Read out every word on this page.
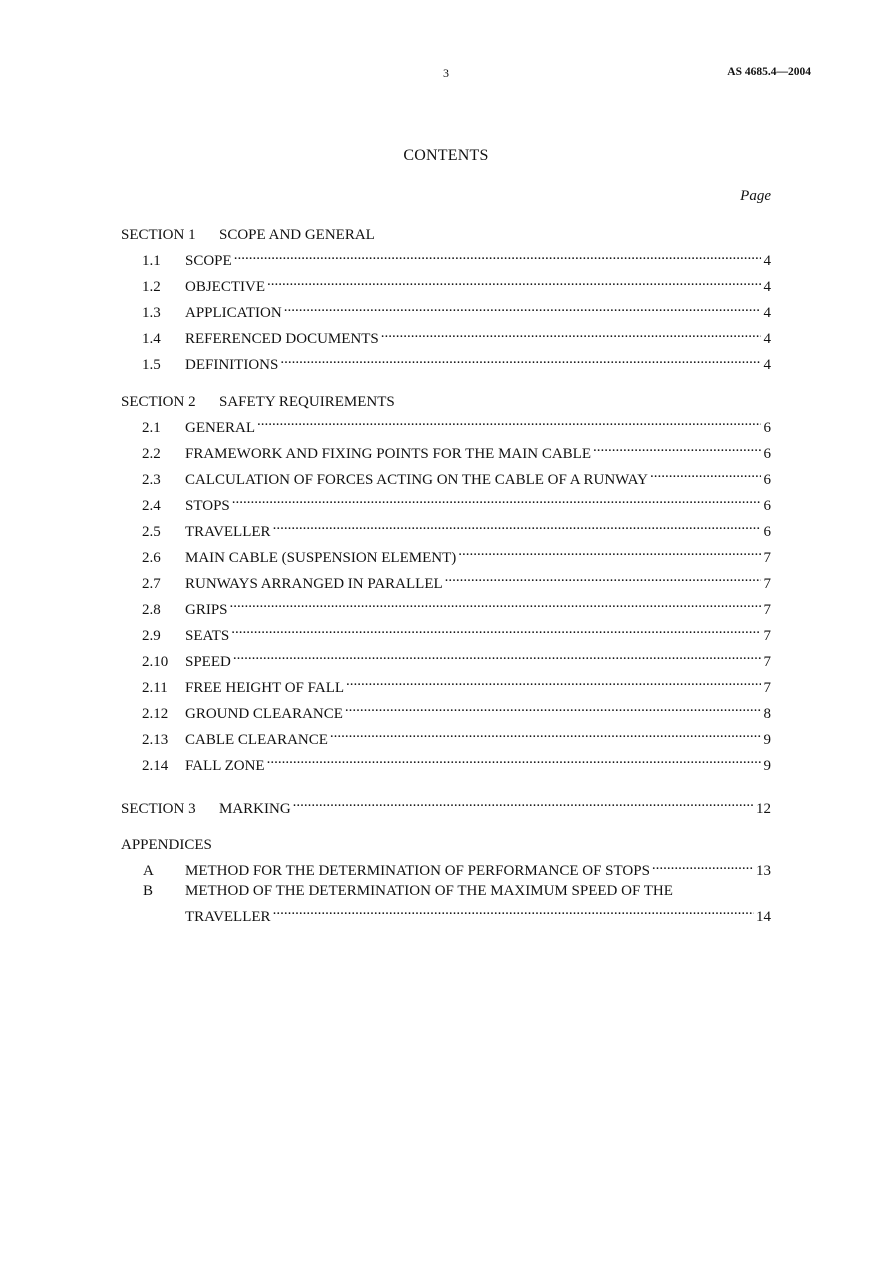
3	AS 4685.4—2004
CONTENTS
Page
SECTION 1	SCOPE AND GENERAL
1.1	SCOPE .....	4
1.2	OBJECTIVE .....	4
1.3	APPLICATION .....	4
1.4	REFERENCED DOCUMENTS .....	4
1.5	DEFINITIONS .....	4
SECTION 2	SAFETY REQUIREMENTS
2.1	GENERAL .....	6
2.2	FRAMEWORK AND FIXING POINTS FOR THE MAIN CABLE .....	6
2.3	CALCULATION OF FORCES ACTING ON THE CABLE OF A RUNWAY .....	6
2.4	STOPS .....	6
2.5	TRAVELLER .....	6
2.6	MAIN CABLE (SUSPENSION ELEMENT) .....	7
2.7	RUNWAYS ARRANGED IN PARALLEL .....	7
2.8	GRIPS .....	7
2.9	SEATS .....	7
2.10	SPEED .....	7
2.11	FREE HEIGHT OF FALL .....	7
2.12	GROUND CLEARANCE .....	8
2.13	CABLE CLEARANCE .....	9
2.14	FALL ZONE .....	9
SECTION 3	MARKING .....	12
APPENDICES
A	METHOD FOR THE DETERMINATION OF PERFORMANCE OF STOPS .....	13
B	METHOD OF THE DETERMINATION OF THE MAXIMUM SPEED OF THE
TRAVELLER .....	14
